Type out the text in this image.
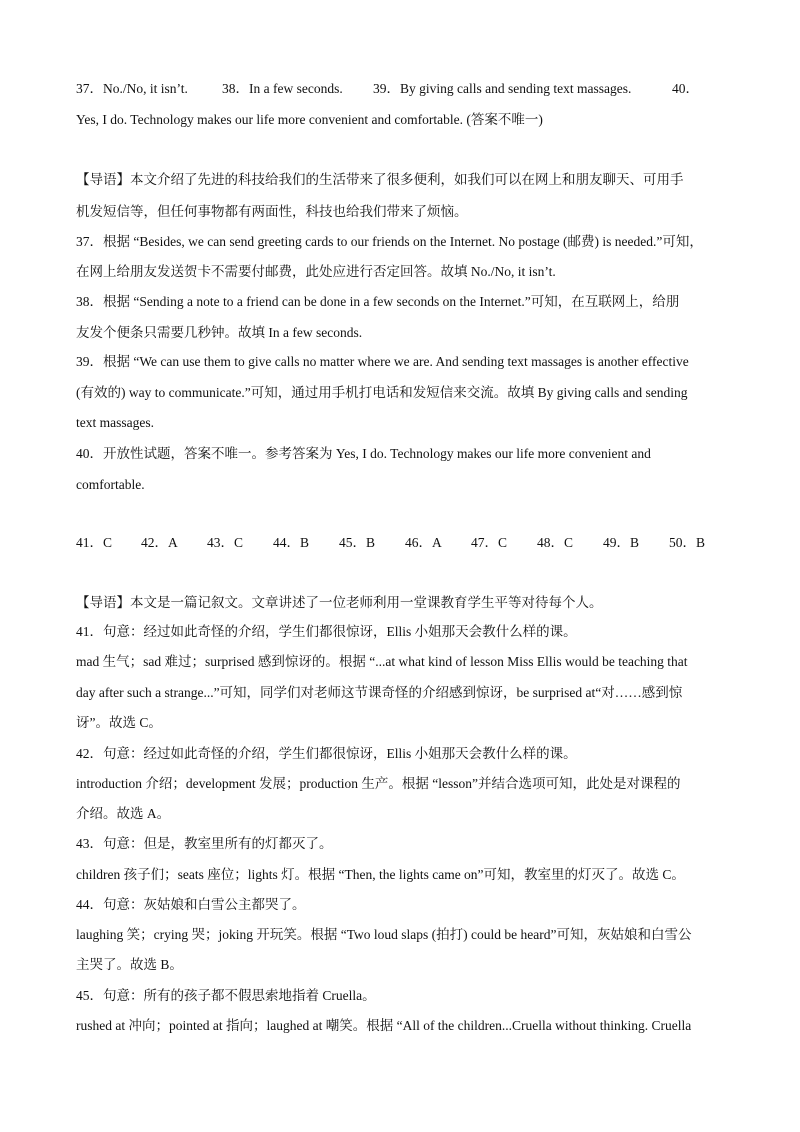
37．No./No, it isn’t.	38．In a few seconds. 39．By giving calls and sending text massages.	40．
Yes, I do. Technology makes our life more convenient and comfortable. (答案不唯一)
【导语】本文介绍了先进的科技给我们的生活带来了很多便利，如我们可以在网上和朋友聊天、可用手
机发短信等，但任何事物都有两面性，科技也给我们带来了烦恼。
37．根据 “Besides, we can send greeting cards to our friends on the Internet. No postage (邮费) is needed.”可知，
在网上给朋友发送贺卡不需要付邮费，此处应进行否定回答。故填 No./No, it isn’t.
38．根据 “Sending a note to a friend can be done in a few seconds on the Internet.”可知，在互联网上，给朋
友发个便条只需要几秒钟。故填 In a few seconds.
39．根据 “We can use them to give calls no matter where we are. And sending text massages is another effective
(有效的) way to communicate.”可知，通过用手机打电话和发短信来交流。故填 By giving calls and sending
text massages.
40．开放性试题，答案不唯一。参考答案为 Yes, I do. Technology makes our life more convenient and
comfortable.
41．C 42．A 43．C 44．B 45．B 46．A 47．C 48．C 49．B 50．B
【导语】本文是一篇记叙文。文章讲述了一位老师利用一堂课教育学生平等对待每个人。
41．句意：经过如此奇怪的介绍，学生们都很惊讶，Ellis 小姐那天会教什么样的课。
mad 生气；sad 难过；surprised 感到惊讶的。根据 “...at what kind of lesson Miss Ellis would be teaching that
day after such a strange...”可知，同学们对老师这节课奇怪的介绍感到惊讶，be surprised at“对……感到惊
讶”。故选 C。
42．句意：经过如此奇怪的介绍，学生们都很惊讶，Ellis 小姐那天会教什么样的课。
introduction 介绍；development 发展；production 生产。根据 “lesson”并结合选项可知，此处是对课程的
介绍。故选 A。
43．句意：但是，教室里所有的灯都灭了。
children 孩子们；seats 座位；lights 灯。根据 “Then, the lights came on”可知，教室里的灯灭了。故选 C。
44．句意：灰姑娘和白雪公主都哭了。
laughing 笑；crying 哭；joking 开玩笑。根据 “Two loud slaps (拍打) could be heard”可知，灰姑娘和白雪公
主哭了。故选 B。
45．句意：所有的孩子都不假思索地指着 Cruella。
rushed at 冲向；pointed at 指向；laughed at 嘲笑。根据 “All of the children...Cruella without thinking. Cruella
